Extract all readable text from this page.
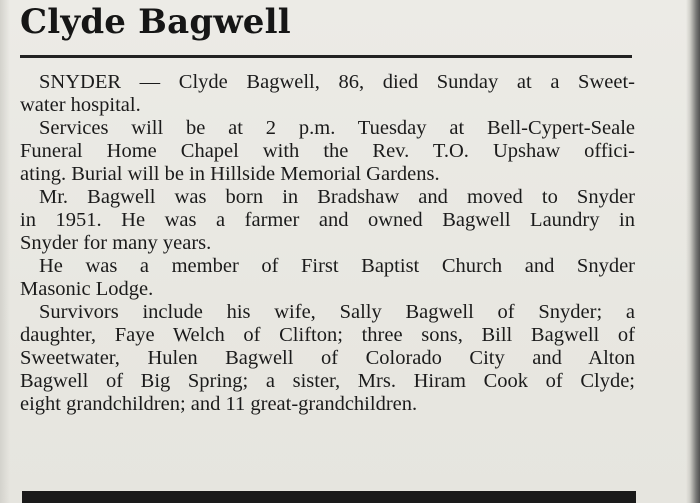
Clyde Bagwell
SNYDER — Clyde Bagwell, 86, died Sunday at a Sweet-
water hospital.
Services will be at 2 p.m. Tuesday at Bell-Cypert-Seale
Funeral Home Chapel with the Rev. T.O. Upshaw offici-
ating. Burial will be in Hillside Memorial Gardens.
Mr. Bagwell was born in Bradshaw and moved to Snyder
in 1951. He was a farmer and owned Bagwell Laundry in
Snyder for many years.
He was a member of First Baptist Church and Snyder
Masonic Lodge.
Survivors include his wife, Sally Bagwell of Snyder; a
daughter, Faye Welch of Clifton; three sons, Bill Bagwell of
Sweetwater, Hulen Bagwell of Colorado City and Alton
Bagwell of Big Spring; a sister, Mrs. Hiram Cook of Clyde;
eight grandchildren; and 11 great-grandchildren.
